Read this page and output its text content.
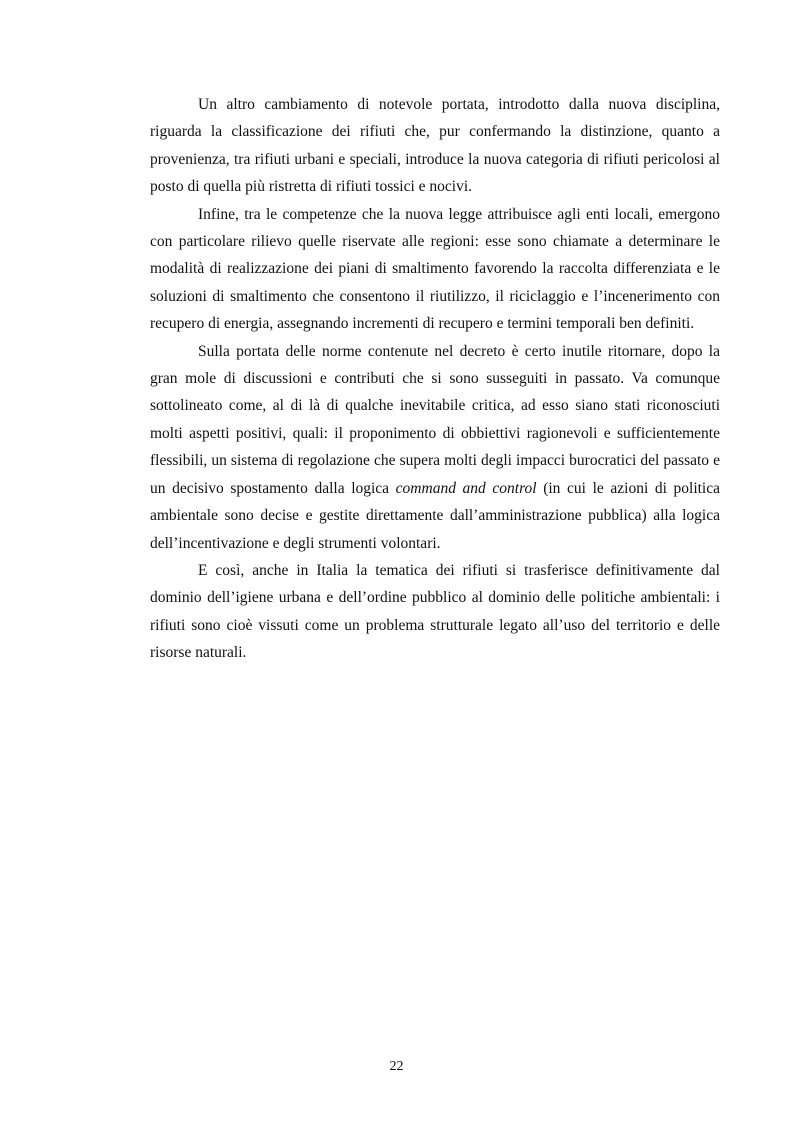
Un altro cambiamento di notevole portata, introdotto dalla nuova disciplina, riguarda la classificazione dei rifiuti che, pur confermando la distinzione, quanto a provenienza, tra rifiuti urbani e speciali, introduce la nuova categoria di rifiuti pericolosi al posto di quella più ristretta di rifiuti tossici e nocivi.

Infine, tra le competenze che la nuova legge attribuisce agli enti locali, emergono con particolare rilievo quelle riservate alle regioni: esse sono chiamate a determinare le modalità di realizzazione dei piani di smaltimento favorendo la raccolta differenziata e le soluzioni di smaltimento che consentono il riutilizzo, il riciclaggio e l’incenerimento con recupero di energia, assegnando incrementi di recupero e termini temporali ben definiti.

Sulla portata delle norme contenute nel decreto è certo inutile ritornare, dopo la gran mole di discussioni e contributi che si sono susseguiti in passato. Va comunque sottolineato come, al di là di qualche inevitabile critica, ad esso siano stati riconosciuti molti aspetti positivi, quali: il proponimento di obbiettivi ragionevoli e sufficientemente flessibili, un sistema di regolazione che supera molti degli impacci burocratici del passato e un decisivo spostamento dalla logica command and control (in cui le azioni di politica ambientale sono decise e gestite direttamente dall’amministrazione pubblica) alla logica dell’incentivazione e degli strumenti volontari.

E così, anche in Italia la tematica dei rifiuti si trasferisce definitivamente dal dominio dell’igiene urbana e dell’ordine pubblico al dominio delle politiche ambientali: i rifiuti sono cioè vissuti come un problema strutturale legato all’uso del territorio e delle risorse naturali.

22
